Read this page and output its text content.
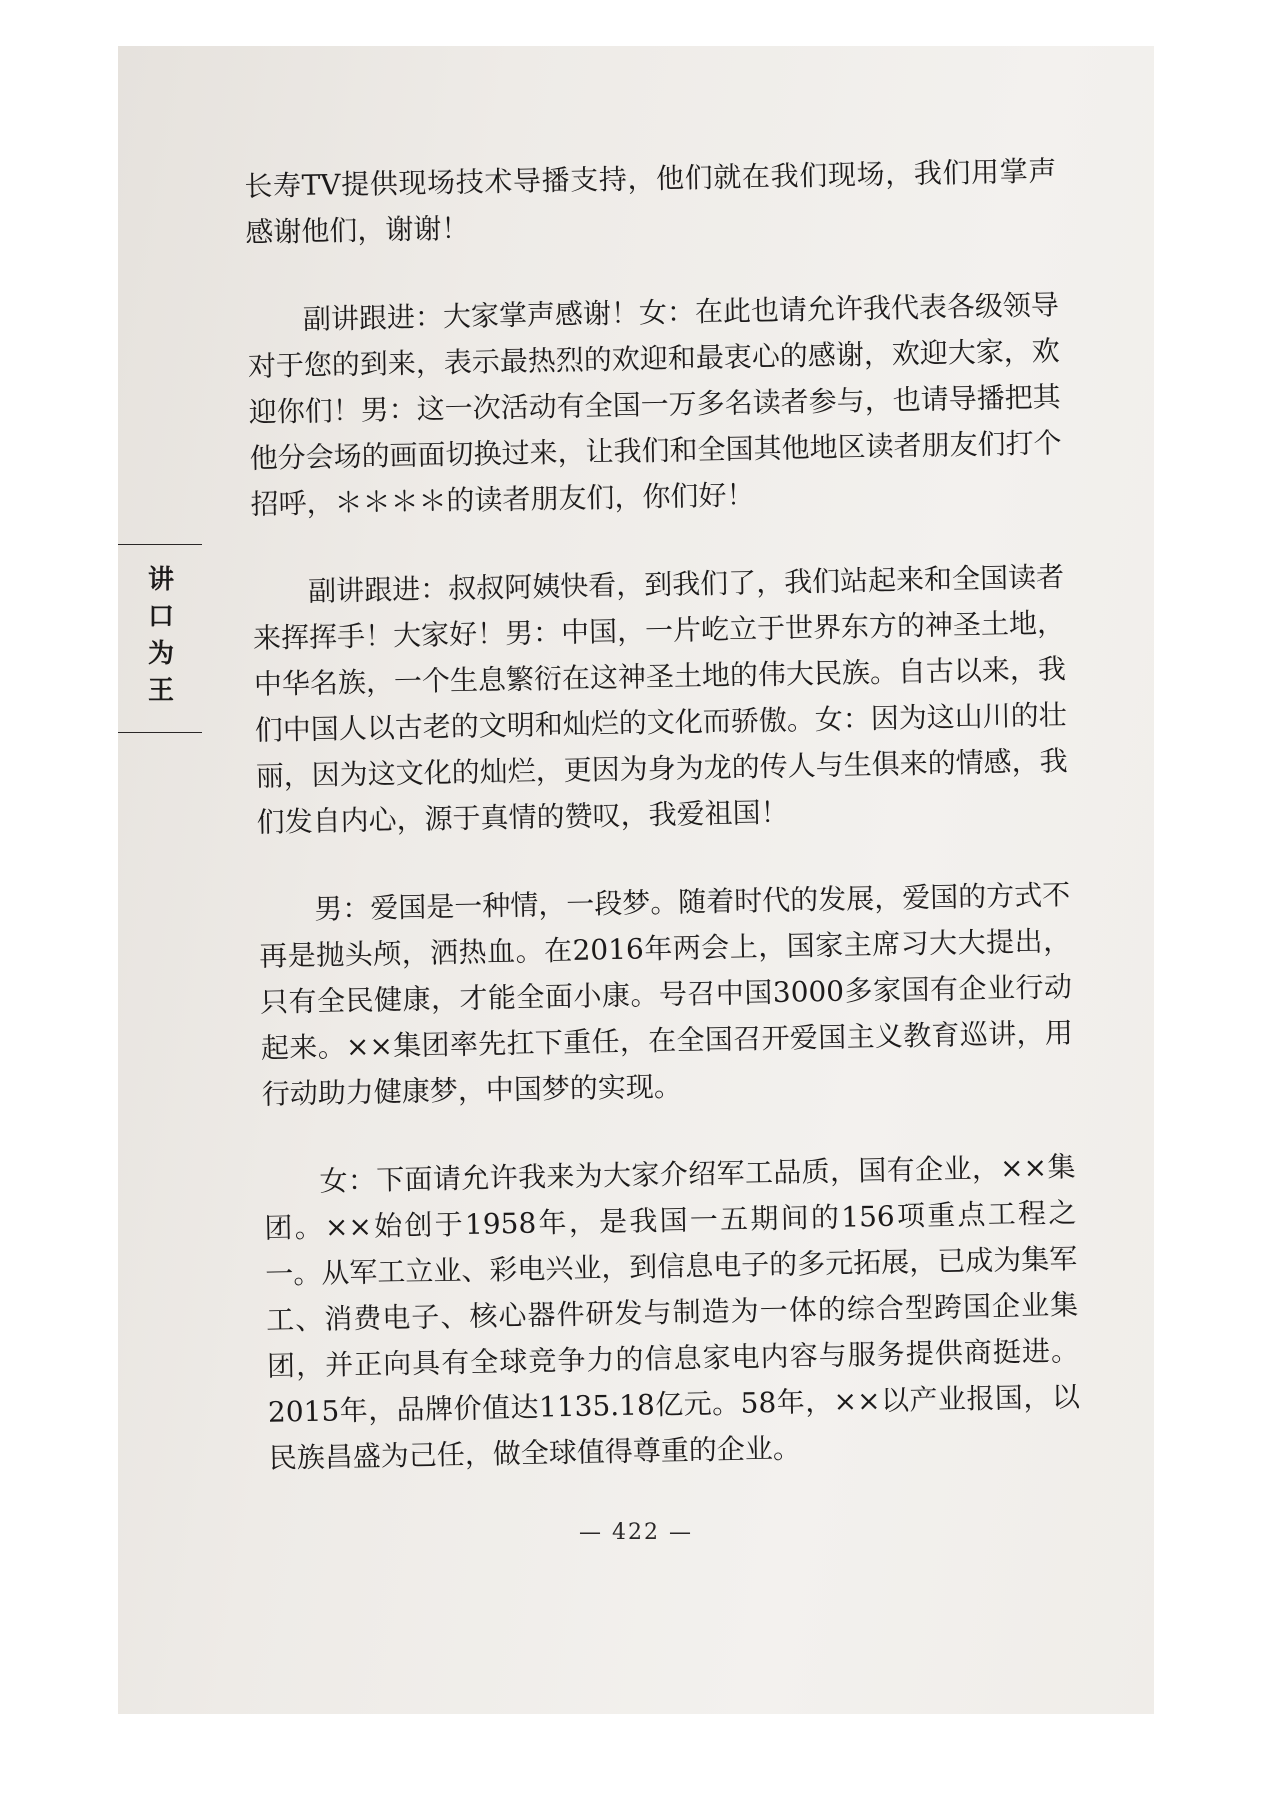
长寿TV提供现场技术导播支持，他们就在我们现场，我们用掌声感谢他们，谢谢！

副讲跟进：大家掌声感谢！女：在此也请允许我代表各级领导对于您的到来，表示最热烈的欢迎和最衷心的感谢，欢迎大家，欢迎你们！男：这一次活动有全国一万多名读者参与，也请导播把其他分会场的画面切换过来，让我们和全国其他地区读者朋友们打个招呼，＊＊＊＊的读者朋友们，你们好！

副讲跟进：叔叔阿姨快看，到我们了，我们站起来和全国读者来挥挥手！大家好！男：中国，一片屹立于世界东方的神圣土地，中华名族，一个生息繁衍在这神圣土地的伟大民族。自古以来，我们中国人以古老的文明和灿烂的文化而骄傲。女：因为这山川的壮丽，因为这文化的灿烂，更因为身为龙的传人与生俱来的情感，我们发自内心，源于真情的赞叹，我爱祖国！

男：爱国是一种情，一段梦。随着时代的发展，爱国的方式不再是抛头颅，洒热血。在2016年两会上，国家主席习大大提出，只有全民健康，才能全面小康。号召中国3000多家国有企业行动起来。××集团率先扛下重任，在全国召开爱国主义教育巡讲，用行动助力健康梦，中国梦的实现。

女：下面请允许我来为大家介绍军工品质，国有企业，××集团。××始创于1958年，是我国一五期间的156项重点工程之一。从军工立业、彩电兴业，到信息电子的多元拓展，已成为集军工、消费电子、核心器件研发与制造为一体的综合型跨国企业集团，并正向具有全球竞争力的信息家电内容与服务提供商挺进。2015年，品牌价值达1135.18亿元。58年，××以产业报国，以民族昌盛为己任，做全球值得尊重的企业。

讲口为王
— 422 —
